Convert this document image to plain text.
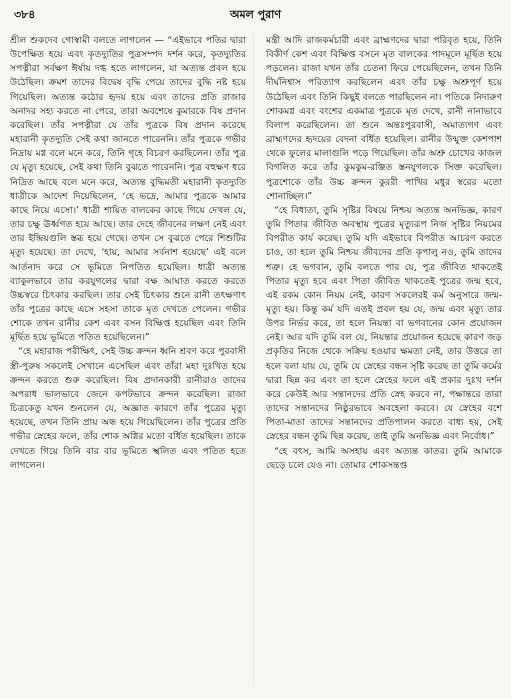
৩৮৪	অমল পুরাণ

শ্রীল শুকদেব গোস্বামী বলতে লাগলেন — “এইভাবে পতির দ্বারা উপেক্ষিত হয়ে এবং কৃতদ্যুতির পুত্রসম্পদ দর্শন করে, কৃতদ্যুতির সপত্নীরা সর্বক্ষণ ঈর্ষায় দগ্ধ হতে লাগলেন, যা অত্যন্ত প্রবল হয়ে উঠেছিল। ক্রমশ তাদের বিদ্বেষ বৃদ্ধি পেয়ে তাদের বুদ্ধি নষ্ট হয়ে গিয়েছিল। অত্যন্ত কঠোর হৃদয় হয়ে এবং তাদের প্রতি রাজার অনাদর সহ্য করতে না পেরে, তারা অবশেষে কুমারকে বিষ প্রদান করেছিল। তাঁর সপত্নীরা যে তাঁর পুত্রকে বিষ প্রদান করেছে মহারানী কৃতদ্যুতি সেই কথা জানতে পারেননি। তাঁর পুত্রকে গভীর নিদ্রায় মগ্ন বলে মনে করে, তিনি গৃহে বিচরণ করছিলেন। তাঁর পুত্র যে মৃত্যু হয়েছে, সেই কথা তিনি বুঝতে পারেননি। পুত্র বহুক্ষণ ধরে নিদ্রিত আছে বলে মনে করে, অত্যন্ত বুদ্ধিমতী মহারানী কৃতদ্যুতি ধাত্রীকে আদেশ দিয়েছিলেন, ‘হে ভদ্রে, আমার পুত্রকে আমার কাছে নিয়ে এসো।’ ধাত্রী শায়িত বালকের কাছে গিয়ে দেখল যে, তার চক্ষু ঊর্ধ্বগত হয়ে আছে। তার দেহে জীবনের লক্ষণ নেই এবং তার ইন্দ্রিয়গুলি স্তব্ধ হয়ে গেছে। তখন সে বুঝতে পেরে শিশুটির মৃত্যু হয়েছে। তা দেখে, ‘হায়, আমার সর্বনাশ হয়েছে’ এই বলে আর্তনাদ করে সে ভূমিতে নিপতিত হয়েছিল। ধাত্রী অত্যন্ত ব্যাকুলভাবে তার করযুগলের দ্বারা বক্ষ আঘাত করতে করতে উচ্চস্বরে চিৎকার করছিল। তার সেই চিৎকার শুনে রানী তৎক্ষণাৎ তাঁর পুত্রের কাছে এসে সহসা তাকে মৃত দেখতে পেলেন। গভীর শোকে তখন রানীর কেশ এবং বসন বিক্ষিপ্ত হয়েছিল এবং তিনি মূর্ছিত হয়ে ভূমিতে পতিত হয়েছিলেন।”

“হে মহারাজ পরীক্ষিৎ, সেই উচ্চ ক্রন্দন ধ্বনি শ্রবণ করে পুরবাসী স্ত্রী-পুরুষ সকলেই সেখানে এসেছিল এবং তাঁরা মহা দুঃখিত হয়ে ক্রন্দন করতে শুরু করেছিল। বিষ প্রদানকারী রানীরাও তাদের অপরাধ ভালভাবে জেনে কপটভাবে ক্রন্দন করেছিল। রাজা চিত্রকেতু যখন শুনলেন যে, অজ্ঞাত কারণে তাঁর পুত্রের মৃত্যু হয়েছে, তখন তিনি প্রায় অন্ধ হয়ে গিয়েছিলেন। তাঁর পুত্রের প্রতি গভীর স্নেহের ফলে, তাঁর শোক অগ্নির মতো বর্ধিত হয়েছিল। তাকে দেখতে গিয়ে তিনি বার বার ভূমিতে স্খলিত এবং পতিত হতে লাগলেন।

মন্ত্রী আদি রাজকর্মচারী এবং ব্রাহ্মণদের দ্বারা পরিবৃত হয়ে, তিনি বিকীর্ণ কেশ এবং বিক্ষিপ্ত বসনে মৃত বালকের পাদমূলে মূর্ছিত হয়ে পড়লেন। রাজা যখন তাঁর চেতনা ফিরে পেয়েছিলেন, তখন তিনি দীর্ঘনিশ্বাস পরিত্যাগ করছিলেন এবং তাঁর চক্ষু অশ্রুপূর্ণ হয়ে উঠেছিল এবং তিনি কিছুই বলতে পারছিলেন না। পতিকে নিদারুণ শোকমগ্ন এবং বংশের একমাত্র পুত্রকে মৃত দেখে, রানী নানাভাবে বিলাপ করেছিলেন। তা শুনে অন্তঃপুরবাসী, অমাত্যগণ এবং ব্রাহ্মণদের হৃদয়ের বেদনা বর্ধিত হয়েছিল। রানীর উন্মুক্ত কেশপাশ থেকে ফুলের মালাগুলি পড়ে গিয়েছিল। তাঁর অশ্রু চোখের কাজল বিগলিত করে তাঁর কুমকুম-রঞ্জিত স্তনযুগলকে সিক্ত করেছিল। পুত্রশোকে তাঁর উচ্চ ক্রন্দন কুররী পাখির মধুর স্বরের মতো শোনাচ্ছিল।”

“হে বিধাতা, তুমি সৃষ্টির বিষয়ে নিশ্চয় অত্যন্ত অনভিজ্ঞ, কারণ তুমি পিতার জীবিত অবস্থায় পুত্রের মৃত্যুরূপ নিজ সৃষ্টির নিয়মের বিপরীত কার্য করেছ। তুমি যদি এইভাবে বিপরীত আচরণ করতে চাও, তা হলে তুমি নিশ্চয় জীবদের প্রতি কৃপালু নও, তুমি তাদের শত্রু। হে ভগবান, তুমি বলতে পার যে, পুত্র জীবিত থাকতেই পিতার মৃত্যু হবে এবং পিতা জীবিত থাকতেই পুত্রের জন্ম হবে, এই রকম কোন নিয়ম নেই, কারণ সকলেরই কর্ম অনুসারে জন্ম-মৃত্যু হয়। কিন্তু কর্ম যদি এতই প্রবল হয় যে, জন্ম এবং মৃত্যু তার উপর নির্ভর করে, তা হলে নিয়ন্তা বা ভগবানের কোন প্রয়োজন নেই। আর যদি তুমি বল যে, নিয়ন্তার প্রয়োজন হয়েছে কারণ জড় প্রকৃতির নিজে থেকে সক্রিয় হওয়ার ক্ষমতা নেই, তার উত্তরে তা হলে বলা যায় যে, তুমি যে স্নেহের বন্ধন সৃষ্টি করেছ তা তুমি কর্মের দ্বারা ছিন্ন কর এবং তা হলে স্নেহের ফলে এই প্রকার দুঃখ দর্শন করে কেউই আর সন্তানদের প্রতি স্নেহ করবে না, পক্ষান্তরে তারা তাদের সন্তানদের নিষ্ঠুরভাবে অবহেলা করবে। যে স্নেহের বশে পিতা-মাতা তাদের সন্তানদের প্রতিপালন করতে বাধ্য হয়, সেই স্নেহের বন্ধন তুমি ছিন্ন করেছ, তাই তুমি অনভিজ্ঞ এবং নির্বোধ।”

“হে বৎস, আমি অসহায় এবং অত্যন্ত কাতর। তুমি আমাকে ছেড়ে চলে যেও না। তোমার শোকসন্তপ্ত
